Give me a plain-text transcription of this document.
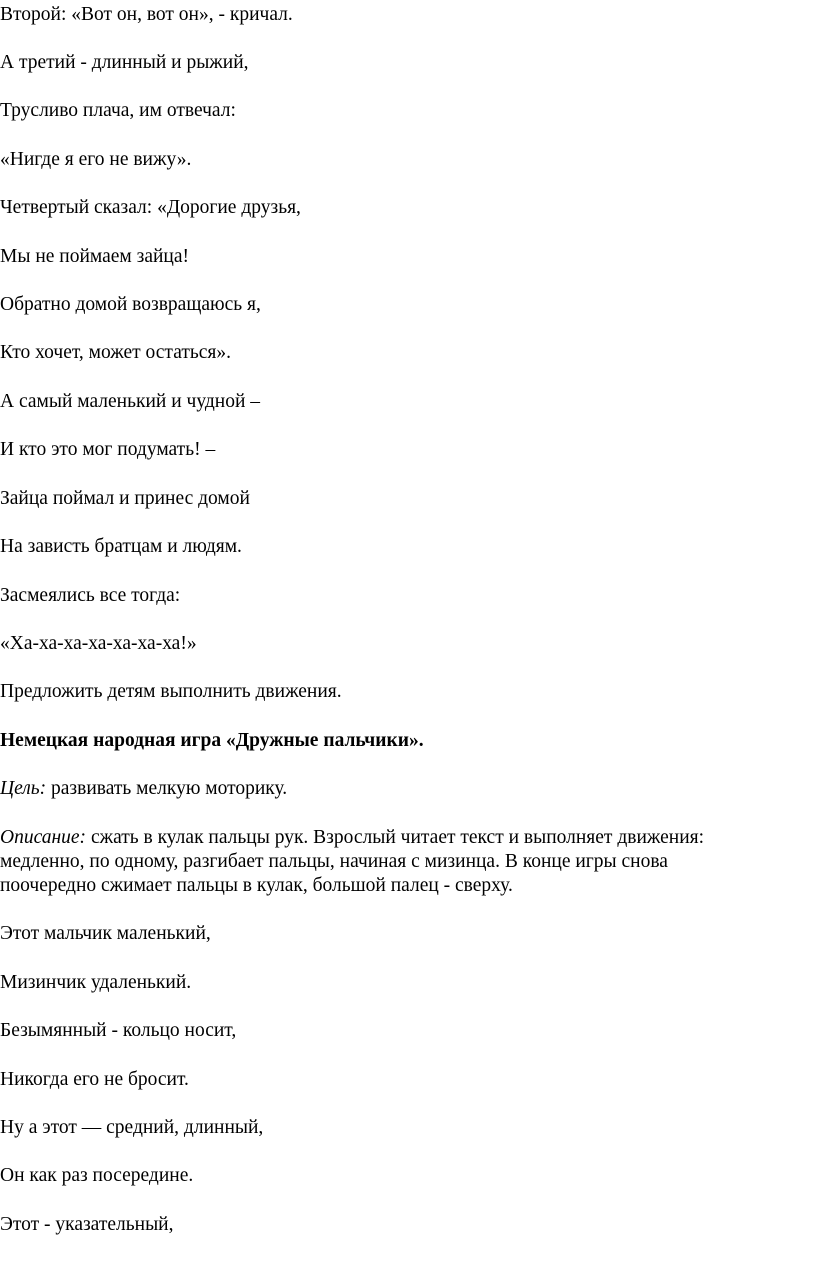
Второй: «Вот он, вот он», - кричал.

А третий - длинный и рыжий,

Трусливо плача, им отвечал:

«Нигде я его не вижу».

Четвертый сказал: «Дорогие друзья,

Мы не поймаем зайца!

Обратно домой возвращаюсь я,

Кто хочет, может остаться».

А самый маленький и чудной –

И кто это мог подумать! –

Зайца поймал и принес домой

На зависть братцам и людям.

Засмеялись все тогда:

«Ха-ха-ха-ха-ха-ха-ха!»

Предложить детям выполнить движения.

Немецкая народная игра «Дружные пальчики».

Цель: развивать мелкую моторику.

Описание: сжать в кулак пальцы рук. Взрослый читает текст и выполняет движения:

медленно, по одному, разгибает пальцы, начиная с мизинца. В конце игры снова

поочередно сжимает пальцы в кулак, большой палец - сверху.

Этот мальчик маленький,

Мизинчик удаленький.

Безымянный - кольцо носит,

Никогда его не бросит.

Ну а этот — средний, длинный,

Он как раз посередине.

Этот - указательный,
